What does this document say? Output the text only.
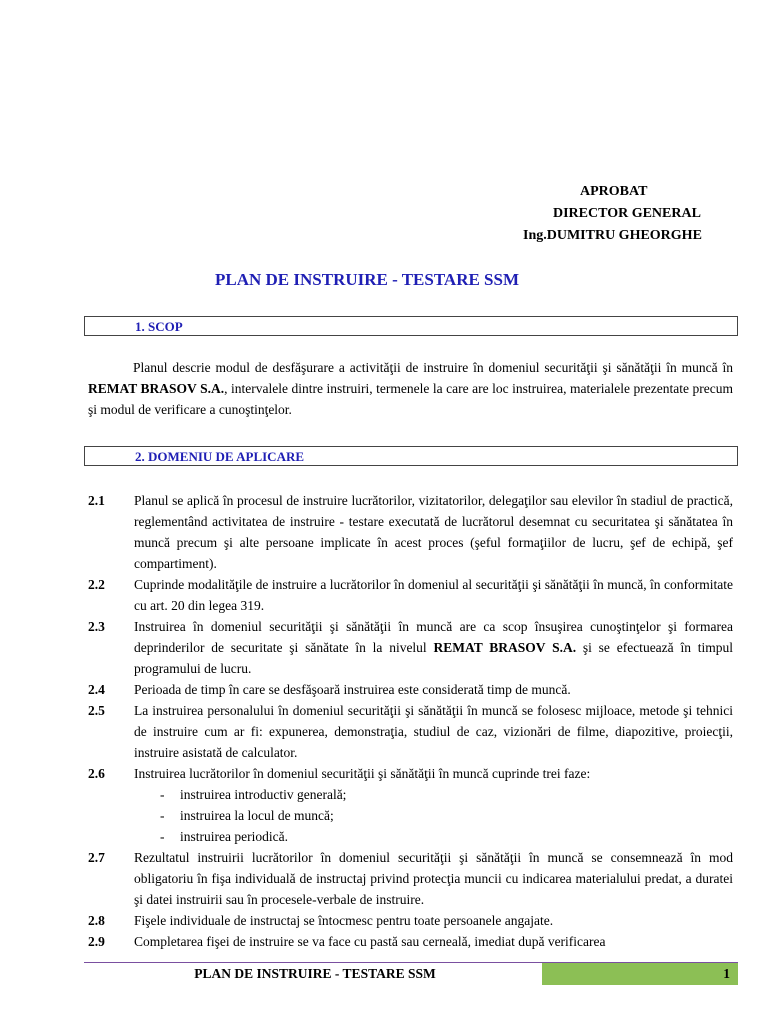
APROBAT
DIRECTOR GENERAL
Ing.DUMITRU GHEORGHE
PLAN DE INSTRUIRE - TESTARE SSM
1. SCOP
Planul descrie modul de desfăşurare a activităţii de instruire în domeniul securităţii şi sănătăţii în muncă în REMAT BRASOV S.A., intervalele dintre instruiri, termenele la care are loc instruirea, materialele prezentate precum şi modul de verificare a cunoştinţelor.
2. DOMENIU DE APLICARE
2.1 Planul se aplică în procesul de instruire lucrătorilor, vizitatorilor, delegaţilor sau elevilor în stadiul de practică, reglementând activitatea de instruire - testare executată de lucrătorul desemnat cu securitatea şi sănătatea în muncă precum şi alte persoane implicate în acest proces (şeful formaţiilor de lucru, şef de echipă, şef compartiment).
2.2 Cuprinde modalităţile de instruire a lucrătorilor în domeniul al securităţii şi sănătăţii în muncă, în conformitate cu art. 20 din legea 319.
2.3 Instruirea în domeniul securităţii şi sănătăţii în muncă are ca scop însuşirea cunoştinţelor şi formarea deprinderilor de securitate şi sănătate în la nivelul REMAT BRASOV S.A. şi se efectuează în timpul programului de lucru.
2.4 Perioada de timp în care se desfăşoară instruirea este considerată timp de muncă.
2.5 La instruirea personalului în domeniul securităţii şi sănătăţii în muncă se folosesc mijloace, metode şi tehnici de instruire cum ar fi: expunerea, demonstraţia, studiul de caz, vizionări de filme, diapozitive, proiecţii, instruire asistată de calculator.
2.6 Instruirea lucrătorilor în domeniul securităţii şi sănătăţii în muncă cuprinde trei faze:
- instruirea introductiv generală;
- instruirea la locul de muncă;
- instruirea periodică.
2.7 Rezultatul instruirii lucrătorilor în domeniul securităţii şi sănătăţii în muncă se consemnează în mod obligatoriu în fişa individuală de instructaj privind protecţia muncii cu indicarea materialului predat, a duratei şi datei instruirii sau în procesele-verbale de instruire.
2.8 Fişele individuale de instructaj se întocmesc pentru toate persoanele angajate.
2.9 Completarea fişei de instruire se va face cu pastă sau cerneală, imediat după verificarea
PLAN DE INSTRUIRE - TESTARE SSM	1
